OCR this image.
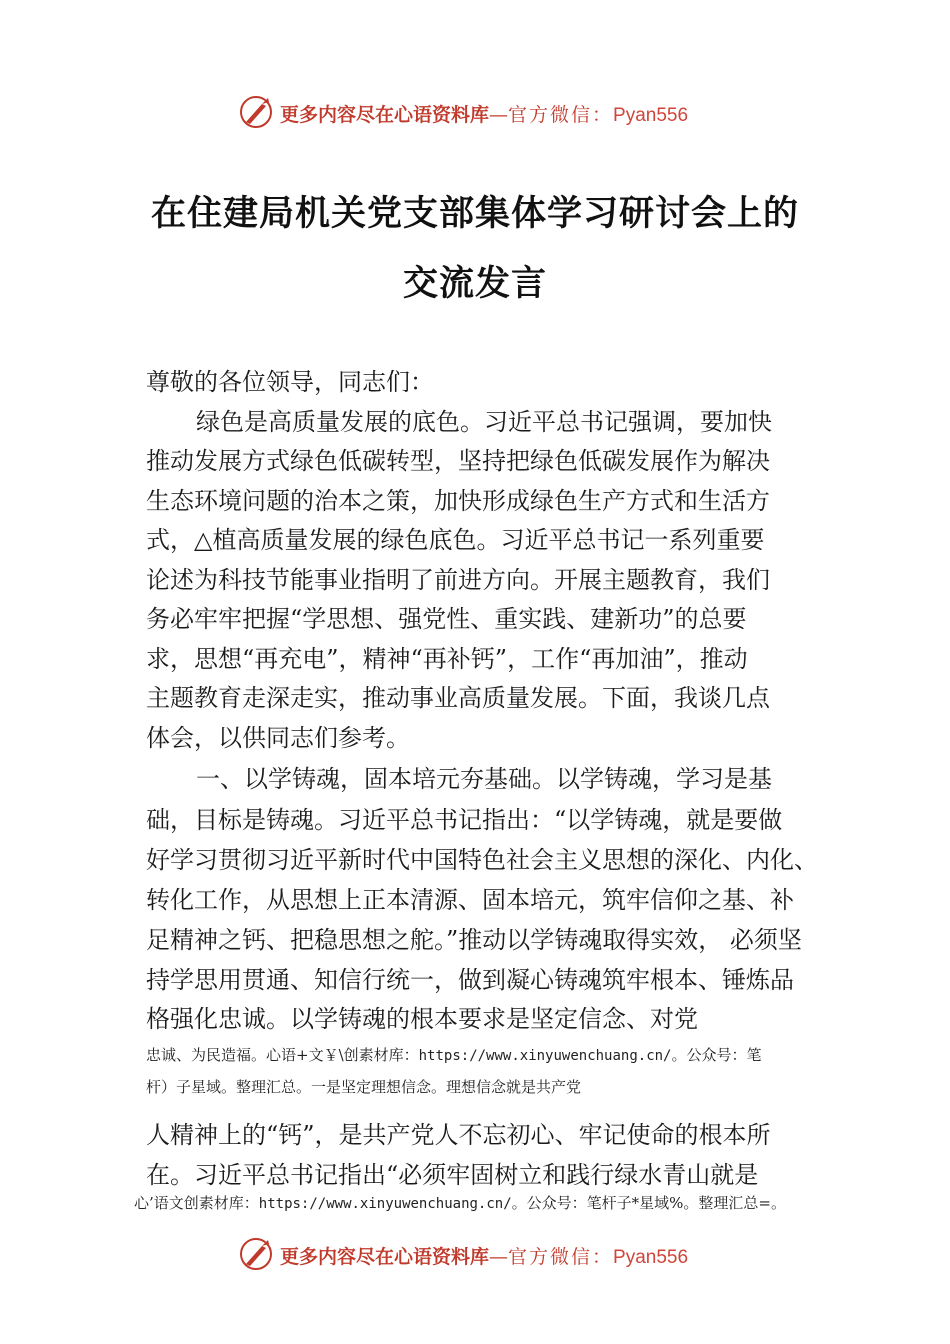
更多内容尽在心语资料库—官方微信：Pyan556
在住建局机关党支部集体学习研讨会上的
交流发言
尊敬的各位领导，同志们：
绿色是高质量发展的底色。习近平总书记强调，要加快
推动发展方式绿色低碳转型，坚持把绿色低碳发展作为解决
生态环境问题的治本之策，加快形成绿色生产方式和生活方
式，△植高质量发展的绿色底色。习近平总书记一系列重要
论述为科技节能事业指明了前进方向。开展主题教育，我们
务必牢牢把握“学思想、强党性、重实践、建新功”的总要
求，思想“再充电”，精神“再补钙”，工作“再加油”，推动
主题教育走深走实，推动事业高质量发展。下面，我谈几点
体会，以供同志们参考。
一、以学铸魂，固本培元夯基础。以学铸魂，学习是基
础，目标是铸魂。习近平总书记指出：“以学铸魂，就是要做
好学习贯彻习近平新时代中国特色社会主义思想的深化、内化、
转化工作，从思想上正本清源、固本培元，筑牢信仰之基、补
足精神之钙、把稳思想之舵。”推动以学铸魂取得实效， 必须坚
持学思用贯通、知信行统一，做到凝心铸魂筑牢根本、锤炼品
格强化忠诚。以学铸魂的根本要求是坚定信念、对党
忠诚、为民造福。心语+文￥\创素材库：https://www.xinyuwenchuang.cn/。公众号：笔
杆）子星域。整理汇总。一是坚定理想信念。理想信念就是共产党
人精神上的“钙”，是共产党人不忘初心、牢记使命的根本所
在。习近平总书记指出“必须牢固树立和践行绿水青山就是
心’语文创素材库：https://www.xinyuwenchuang.cn/。公众号：笔杆子*星域%。整理汇总=。
更多内容尽在心语资料库—官方微信：Pyan556
